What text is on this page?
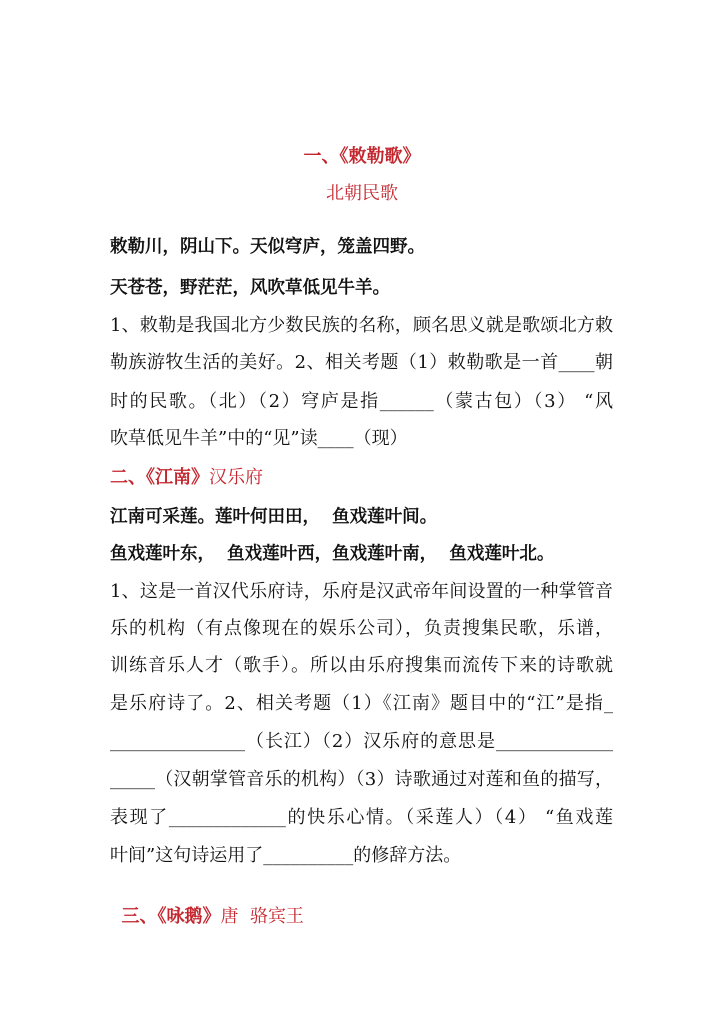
一、《敕勒歌》
北朝民歌
敕勒川，阴山下。天似穹庐，笼盖四野。
天苍苍，野茫茫，风吹草低见牛羊。
1、敕勒是我国北方少数民族的名称，顾名思义就是歌颂北方敕
勒族游牧生活的美好。2、相关考题（1）敕勒歌是一首____朝
时的民歌。（北）（2）穹庐是指______（蒙古包）（3） “风
吹草低见牛羊”中的“见”读____（现）
二、《江南》汉乐府
江南可采莲。莲叶何田田，  鱼戏莲叶间。
鱼戏莲叶东，  鱼戏莲叶西，鱼戏莲叶南，  鱼戏莲叶北。
1、这是一首汉代乐府诗，乐府是汉武帝年间设置的一种掌管音
乐的机构（有点像现在的娱乐公司），负责搜集民歌，乐谱，
训练音乐人才（歌手）。所以由乐府搜集而流传下来的诗歌就
是乐府诗了。2、相关考题（1）《江南》题目中的“江”是指_
_______________（长江）（2）汉乐府的意思是_____________
_____（汉朝掌管音乐的机构）（3）诗歌通过对莲和鱼的描写，
表现了_____________的快乐心情。（采莲人）（4） “鱼戏莲
叶间”这句诗运用了__________的修辞方法。

三、《咏鹅》唐  骆宾王
